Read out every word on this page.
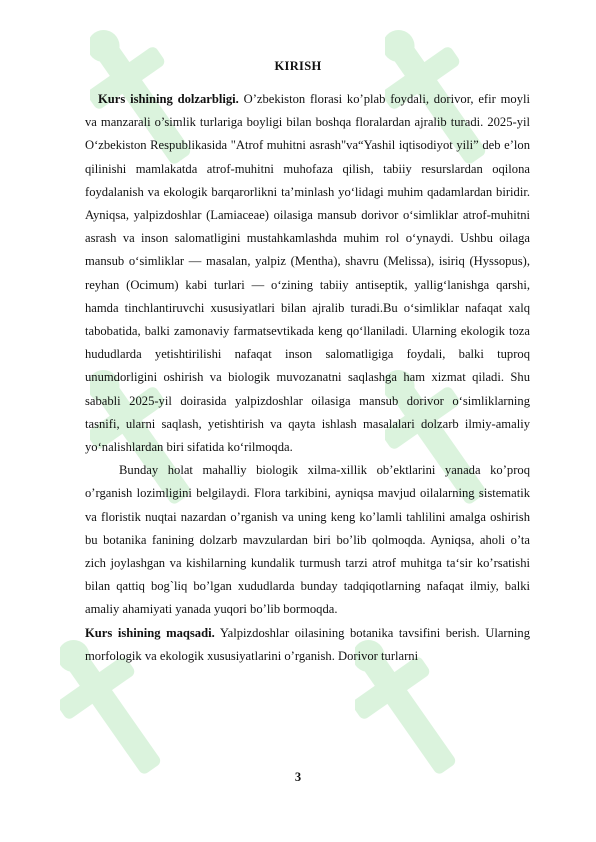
KIRISH

Kurs ishining dolzarbligi. O’zbekiston florasi ko’plab foydali, dorivor, efir moyli va manzarali o’simlik turlariga boyligi bilan boshqa floralardan ajralib turadi. 2025-yil O‘zbekiston Respublikasida "Atrof muhitni asrash"va“Yashil iqtisodiyot yili” deb e’lon qilinishi mamlakatda atrof-muhitni muhofaza qilish, tabiiy resurslardan oqilona foydalanish va ekologik barqarorlikni ta’minlash yo‘lidagi muhim qadamlardan biridir. Ayniqsa, yalpizdoshlar (Lamiaceae) oilasiga mansub dorivor o‘simliklar atrof-muhitni asrash va inson salomatligini mustahkamlashda muhim rol o‘ynaydi. Ushbu oilaga mansub o‘simliklar — masalan, yalpiz (Mentha), shavru (Melissa), isiriq (Hyssopus), reyhan (Ocimum) kabi turlari — o‘zining tabiiy antiseptik, yallig‘lanishga qarshi, hamda tinchlantiruvchi xususiyatlari bilan ajralib turadi.Bu o‘simliklar nafaqat xalq tabobatida, balki zamonaviy farmatsevtikada keng qo‘llaniladi. Ularning ekologik toza hududlarda yetishtirilishi nafaqat inson salomatligiga foydali, balki tuproq unumdorligini oshirish va biologik muvozanatni saqlashga ham xizmat qiladi. Shu sababli 2025-yil doirasida yalpizdoshlar oilasiga mansub dorivor o‘simliklarning tasnifi, ularni saqlash, yetishtirish va qayta ishlash masalalari dolzarb ilmiy-amaliy yo‘nalishlardan biri sifatida ko‘rilmoqda.

Bunday holat mahalliy biologik xilma-xillik ob’ektlarini yanada ko’proq o’rganish lozimligini belgilaydi. Flora tarkibini, ayniqsa mavjud oilalarning sistematik va floristik nuqtai nazardan o’rganish va uning keng ko’lamli tahlilini amalga oshirish bu botanika fanining dolzarb mavzulardan biri bo’lib qolmoqda. Ayniqsa, aholi o’ta zich joylashgan va kishilarning kundalik turmush tarzi atrof muhitga ta‘sir ko’rsatishi bilan qattiq bog`liq bo’lgan xududlarda bunday tadqiqotlarning nafaqat ilmiy, balki amaliy ahamiyati yanada yuqori bo’lib bormoqda.

Kurs ishining maqsadi. Yalpizdoshlar oilasining botanika tavsifini berish. Ularning morfologik va ekologik xususiyatlarini o’rganish. Dorivor turlarni

3
